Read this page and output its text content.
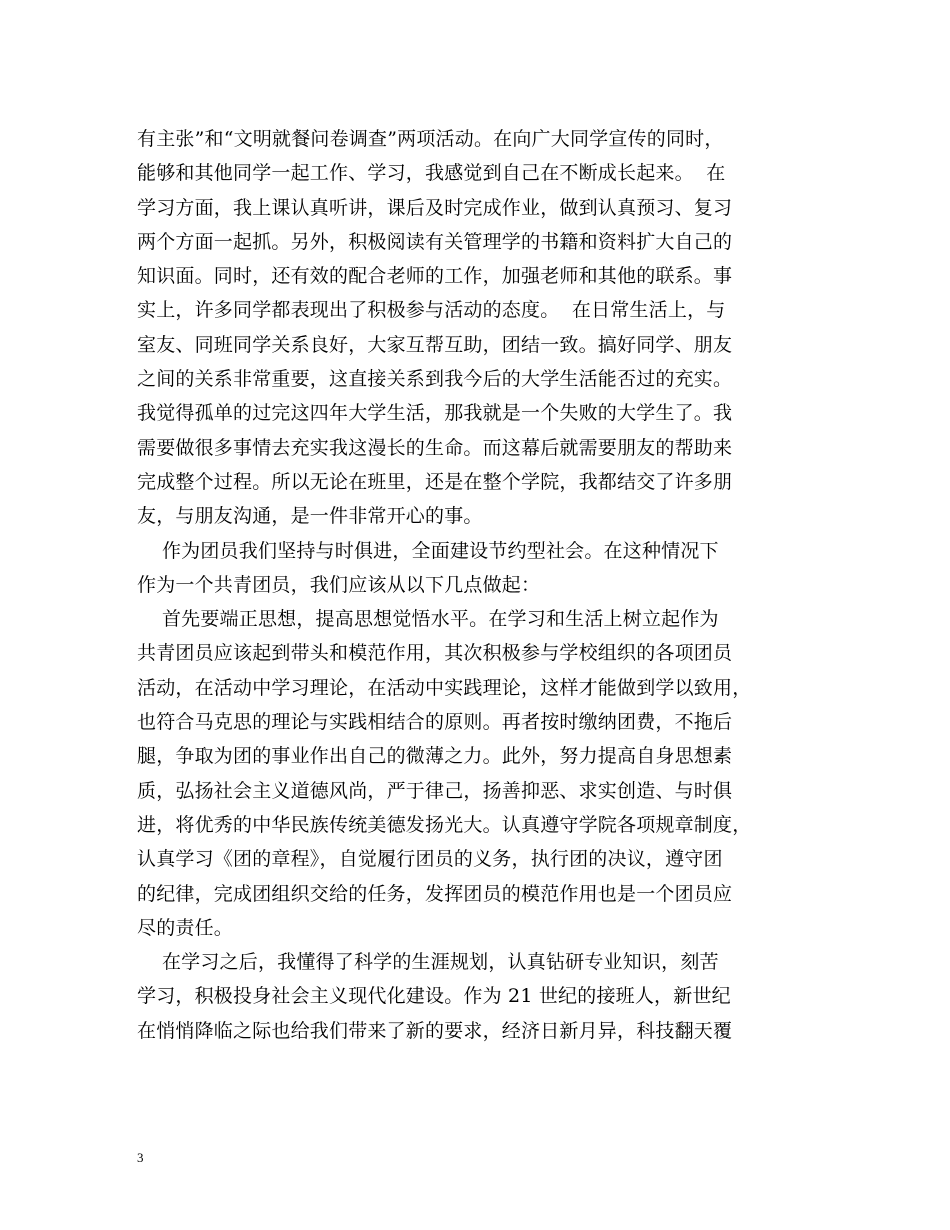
有主张”和“文明就餐问卷调查”两项活动。在向广大同学宣传的同时，
能够和其他同学一起工作、学习，我感觉到自己在不断成长起来。  在
学习方面，我上课认真听讲，课后及时完成作业，做到认真预习、复习
两个方面一起抓。另外，积极阅读有关管理学的书籍和资料扩大自己的
知识面。同时，还有效的配合老师的工作，加强老师和其他的联系。事
实上，许多同学都表现出了积极参与活动的态度。  在日常生活上，与
室友、同班同学关系良好，大家互帮互助，团结一致。搞好同学、朋友
之间的关系非常重要，这直接关系到我今后的大学生活能否过的充实。
我觉得孤单的过完这四年大学生活，那我就是一个失败的大学生了。我
需要做很多事情去充实我这漫长的生命。而这幕后就需要朋友的帮助来
完成整个过程。所以无论在班里，还是在整个学院，我都结交了许多朋
友，与朋友沟通，是一件非常开心的事。
作为团员我们坚持与时俱进，全面建设节约型社会。在这种情况下
作为一个共青团员，我们应该从以下几点做起：
首先要端正思想，提高思想觉悟水平。在学习和生活上树立起作为
共青团员应该起到带头和模范作用，其次积极参与学校组织的各项团员
活动，在活动中学习理论，在活动中实践理论，这样才能做到学以致用，
也符合马克思的理论与实践相结合的原则。再者按时缴纳团费，不拖后
腿，争取为团的事业作出自己的微薄之力。此外，努力提高自身思想素
质，弘扬社会主义道德风尚，严于律己，扬善抑恶、求实创造、与时俱
进，将优秀的中华民族传统美德发扬光大。认真遵守学院各项规章制度，
认真学习《团的章程》，自觉履行团员的义务，执行团的决议，遵守团
的纪律，完成团组织交给的任务，发挥团员的模范作用也是一个团员应
尽的责任。
在学习之后，我懂得了科学的生涯规划，认真钻研专业知识，刻苦
学习，积极投身社会主义现代化建设。作为 21 世纪的接班人，新世纪
在悄悄降临之际也给我们带来了新的要求，经济日新月异，科技翻天覆
3
